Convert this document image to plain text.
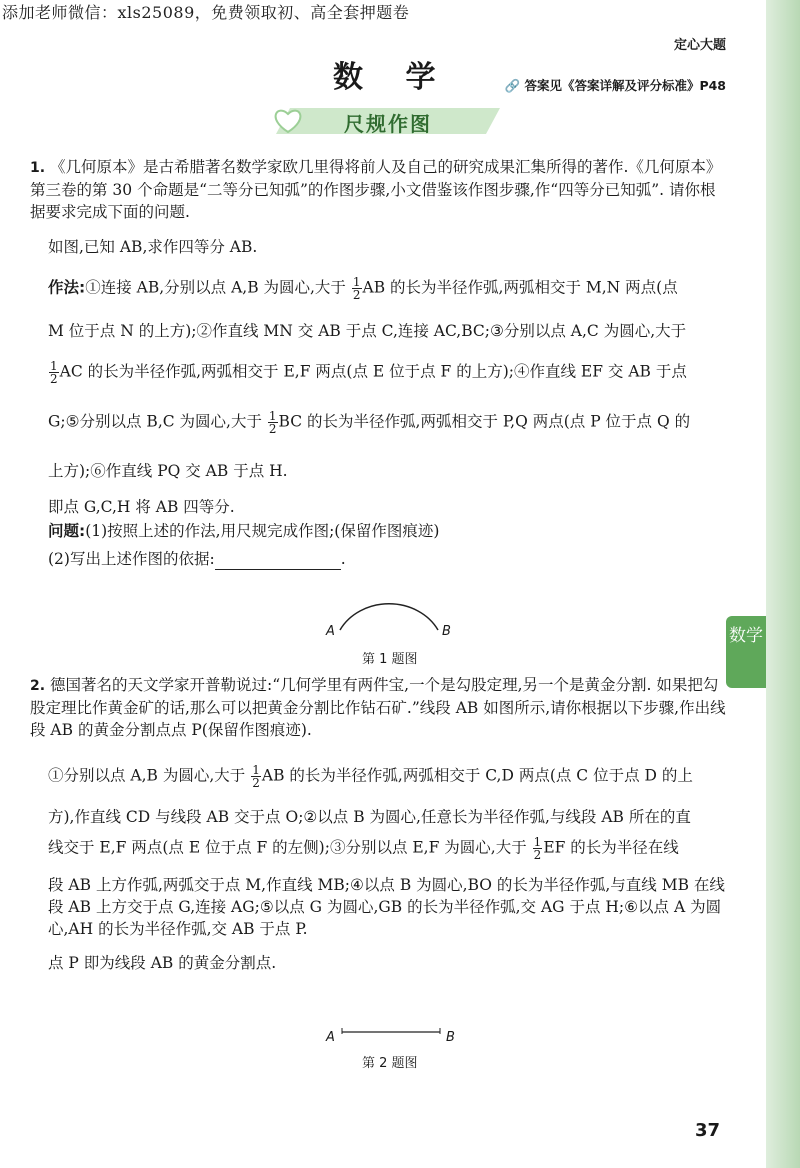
添加老师微信：xls25089，免费领取初、高全套押题卷
定心大题
数 学	🔗 答案见《答案详解及评分标准》P48
尺规作图
1. 《几何原本》是古希腊著名数学家欧几里得将前人及自己的研究成果汇集所得的著作.《几何原本》第三卷的第 30 个命题是“二等分已知弧”的作图步骤,小文借鉴该作图步骤,作“四等分已知弧”. 请你根据要求完成下面的问题.
如图,已知 AB,求作四等分 AB.
作法:①连接 AB,分别以点 A,B 为圆心,大于 $\frac{1}{2}$ AB 的长为半径作弧,两弧相交于 M,N 两点(点
M 位于点 N 的上方);②作直线 MN 交 AB 于点 C,连接 AC,BC;③分别以点 A,C 为圆心,大于
$\frac{1}{2}$ AC 的长为半径作弧,两弧相交于 E,F 两点(点 E 位于点 F 的上方);④作直线 EF 交 AB 于点
G;⑤分别以点 B,C 为圆心,大于 $\frac{1}{2}$ BC 的长为半径作弧,两弧相交于 P,Q 两点(点 P 位于点 Q 的
上方);⑥作直线 PQ 交 AB 于点 H.
即点 G,C,H 将 AB 四等分.
问题:(1)按照上述的作法,用尺规完成作图;(保留作图痕迹)
(2)写出上述作图的依据:	.
A	B
第 1 题图
2. 德国著名的天文学家开普勒说过:“几何学里有两件宝,一个是勾股定理,另一个是黄金分割. 如果把勾股定理比作黄金矿的话,那么可以把黄金分割比作钻石矿.”线段 AB 如图所示,请你根据以下步骤,作出线段 AB 的黄金分割点点 P(保留作图痕迹).
①分别以点 A,B 为圆心,大于 $\frac{1}{2}$ AB 的长为半径作弧,两弧相交于 C,D 两点(点 C 位于点 D 的上
方),作直线 CD 与线段 AB 交于点 O;②以点 B 为圆心,任意长为半径作弧,与线段 AB 所在的直
线交于 E,F 两点(点 E 位于点 F 的左侧);③分别以点 E,F 为圆心,大于 $\frac{1}{2}$ EF 的长为半径在线
段 AB 上方作弧,两弧交于点 M,作直线 MB;④以点 B 为圆心,BO 的长为半径作弧,与直线 MB 在线段 AB 上方交于点 G,连接 AG;⑤以点 G 为圆心,GB 的长为半径作弧,交 AG 于点 H;⑥以点 A 为圆心,AH 的长为半径作弧,交 AB 于点 P.
点 P 即为线段 AB 的黄金分割点.
A	B
第 2 题图
数学
37
